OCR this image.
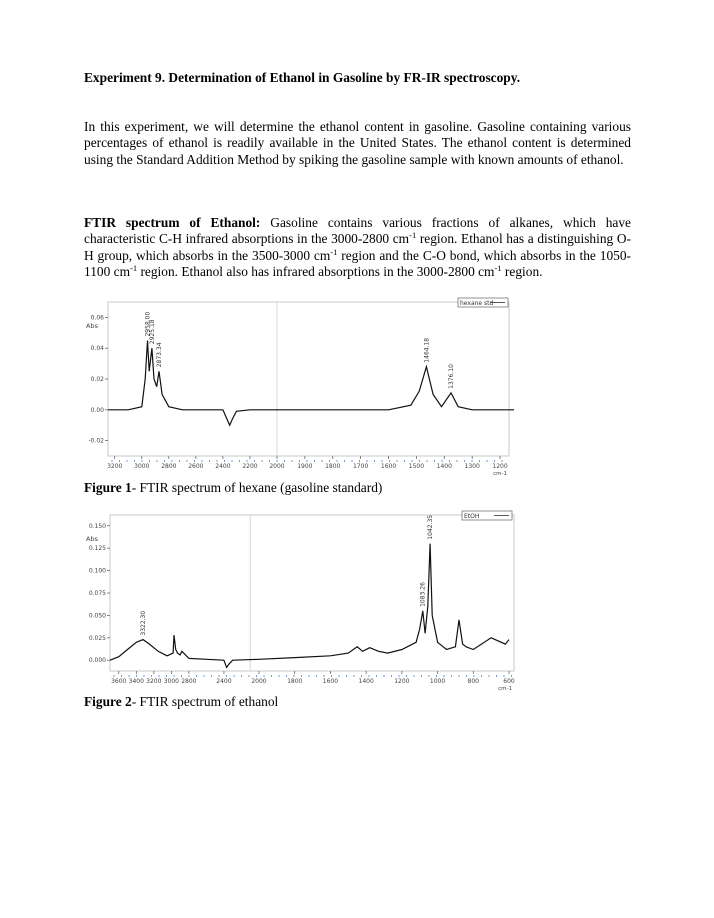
Experiment 9. Determination of Ethanol in Gasoline by FR-IR spectroscopy.
In this experiment, we will determine the ethanol content in gasoline. Gasoline containing various percentages of ethanol is readily available in the United States. The ethanol content is determined using the Standard Addition Method by spiking the gasoline sample with known amounts of ethanol.
FTIR spectrum of Ethanol: Gasoline contains various fractions of alkanes, which have characteristic C-H infrared absorptions in the 3000-2800 $cm^{-1}$ region. Ethanol has a distinguishing O-H group, which absorbs in the 3500-3000 $cm^{-1}$ region and the C-O bond, which absorbs in the 1050-1100 $cm^{-1}$ region. Ethanol also has infrared absorptions in the 3000-2800 $cm^{-1}$ region.
hexane std
Abs
0.06
0.04
0.02
0.00
-0.02
3200 3000 2800 2600 2400 2200 2000 1900 1800 1700 1600 1500 1400 1300 1200
cm-1
2958.00
2925.18
2873.34	1464.18
1376.10
Figure 1- FTIR spectrum of hexane (gasoline standard)
EtOH
Abs
0.150
0.125
0.100
0.075
0.050
0.025
0.000
3600 3400 3200 3000 2800	2400	2000	1800	1600	1400	1200	1000	800	600
cm-1
3322.30
1083.26
1042.35
Figure 2- FTIR spectrum of ethanol
